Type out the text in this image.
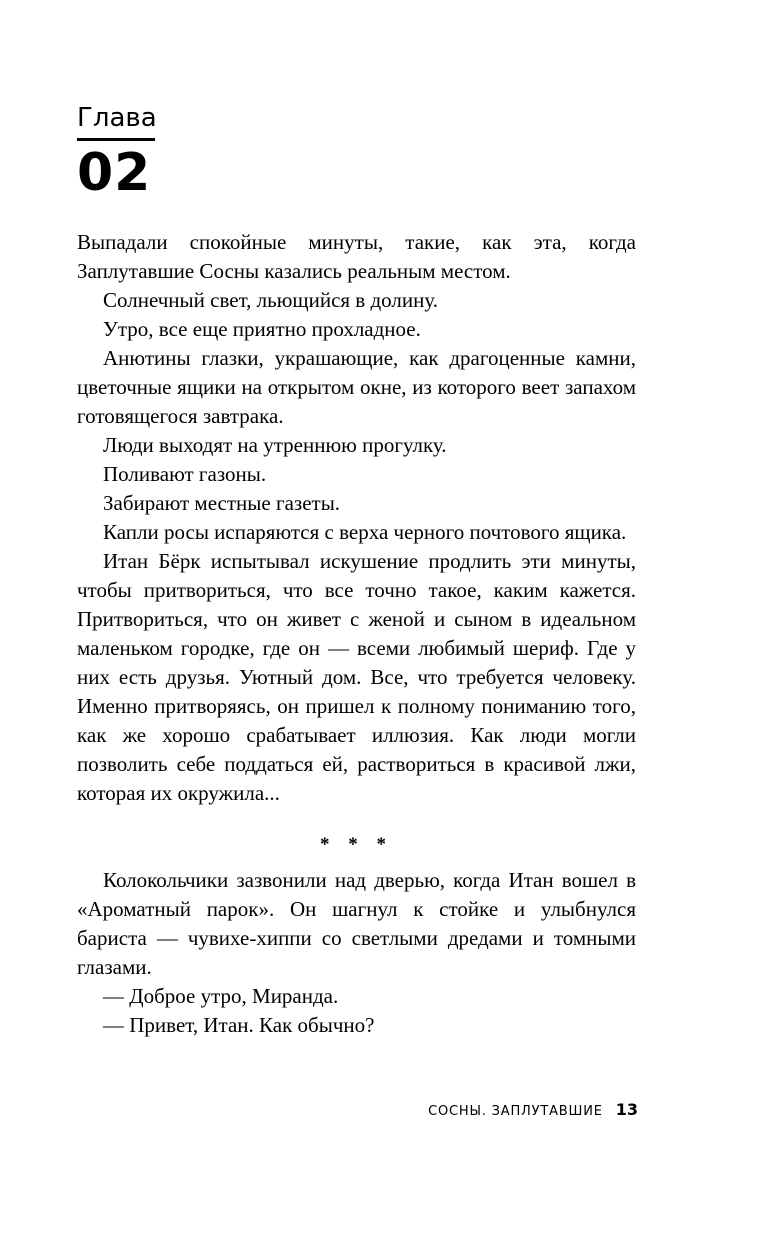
Глава
02

Выпадали спокойные минуты, такие, как эта, когда Заплутавшие Сосны казались реальным местом.

Солнечный свет, льющийся в долину.

Утро, все еще приятно прохладное.

Анютины глазки, украшающие, как драгоценные камни, цветочные ящики на открытом окне, из которого веет запахом готовящегося завтрака.

Люди выходят на утреннюю прогулку.

Поливают газоны.

Забирают местные газеты.

Капли росы испаряются с верха черного почтового ящика.

Итан Бёрк испытывал искушение продлить эти минуты, чтобы притвориться, что все точно такое, каким кажется. Притвориться, что он живет с женой и сыном в идеальном маленьком городке, где он — всеми любимый шериф. Где у них есть друзья. Уютный дом. Все, что требуется человеку. Именно притворяясь, он пришел к полному пониманию того, как же хорошо срабатывает иллюзия. Как люди могли позволить себе поддаться ей, раствориться в красивой лжи, которая их окружила...

* * *

Колокольчики зазвонили над дверью, когда Итан вошел в «Ароматный парок». Он шагнул к стойке и улыбнулся бариста — чувихе-хиппи со светлыми дредами и томными глазами.

— Доброе утро, Миранда.

— Привет, Итан. Как обычно?

СОСНЫ. ЗАПЛУТАВШИЕ 13
